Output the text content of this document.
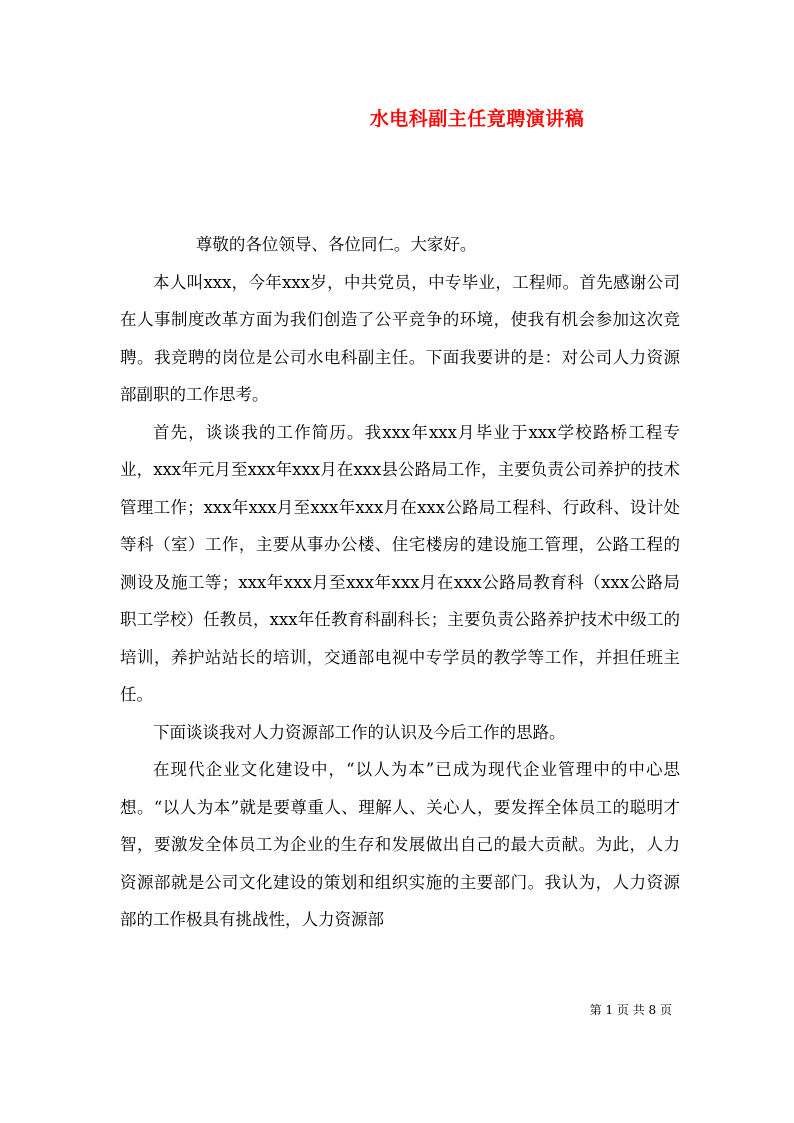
水电科副主任竟聘演讲稿

尊敬的各位领导、各位同仁。大家好。

本人叫xxx，今年xxx岁，中共党员，中专毕业，工程师。首先感谢公司在人事制度改革方面为我们创造了公平竞争的环境，使我有机会参加这次竞聘。我竞聘的岗位是公司水电科副主任。下面我要讲的是：对公司人力资源部副职的工作思考。

首先，谈谈我的工作简历。我xxx年xxx月毕业于xxx学校路桥工程专业，xxx年元月至xxx年xxx月在xxx县公路局工作，主要负责公司养护的技术管理工作；xxx年xxx月至xxx年xxx月在xxx公路局工程科、行政科、设计处等科（室）工作，主要从事办公楼、住宅楼房的建设施工管理，公路工程的测设及施工等；xxx年xxx月至xxx年xxx月在xxx公路局教育科（xxx公路局职工学校）任教员，xxx年任教育科副科长；主要负责公路养护技术中级工的培训，养护站站长的培训，交通部电视中专学员的教学等工作，并担任班主任。

下面谈谈我对人力资源部工作的认识及今后工作的思路。

在现代企业文化建设中，“以人为本”已成为现代企业管理中的中心思想。“以人为本”就是要尊重人、理解人、关心人，要发挥全体员工的聪明才智，要激发全体员工为企业的生存和发展做出自己的最大贡献。为此，人力资源部就是公司文化建设的策划和组织实施的主要部门。我认为，人力资源部的工作极具有挑战性，人力资源部

第 1 页 共 8 页
